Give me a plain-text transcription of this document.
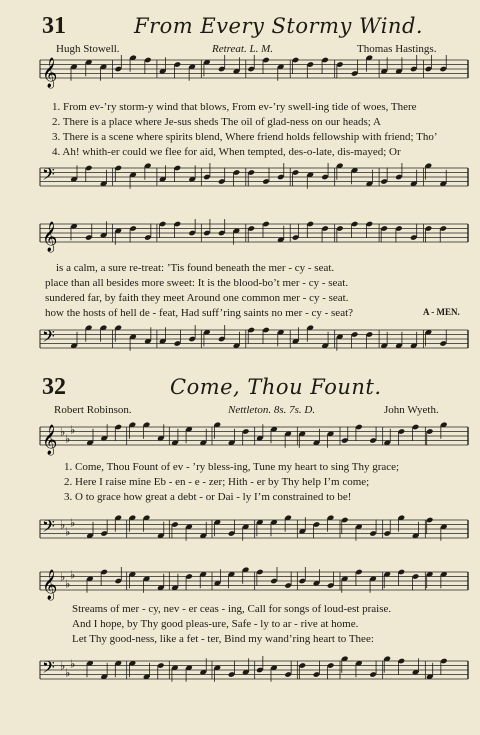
31	From Every Stormy Wind.
Hugh Stowell.	Retreat. L. M.	Thomas Hastings.
𝄞
𝄢
𝄞
𝄢
1. From ev-’ry storm-y wind that blows, From ev-’ry swell-ing tide of woes, There
2. There is a place where Je-sus sheds The oil of glad-ness on our heads; A
3. There is a scene where spirits blend, Where friend holds fellowship with friend; Tho’
4. Ah! whith-er could we flee for aid, When tempted, des-o-late, dis-mayed; Or
is a calm, a sure re-treat: ’Tis found beneath the mer - cy - seat.
place than all besides more sweet: It is the blood-bo’t mer - cy - seat.
sundered far, by faith they meet Around one common mer - cy - seat.
how the hosts of hell de - feat, Had suff’ring saints no mer - cy - seat?	A - MEN.
32	Come, Thou Fount.
Robert Robinson.	Nettleton. 8s. 7s. D.	John Wyeth.
𝄞 ♭
♭
♭
𝄢 ♭
♭
♭
𝄞 ♭
♭
♭
𝄢 ♭
♭
♭
1. Come, Thou Fount of ev - ’ry bless-ing, Tune my heart to sing Thy grace;
2. Here I raise mine Eb - en - e - zer; Hith - er by Thy help I’m come;
3. O to grace how great a debt - or Dai - ly I’m constrained to be!
Streams of mer - cy, nev - er ceas - ing, Call for songs of loud-est praise.
And I hope, by Thy good pleas-ure, Safe - ly to ar - rive at home.
Let Thy good-ness, like a fet - ter, Bind my wand’ring heart to Thee:
